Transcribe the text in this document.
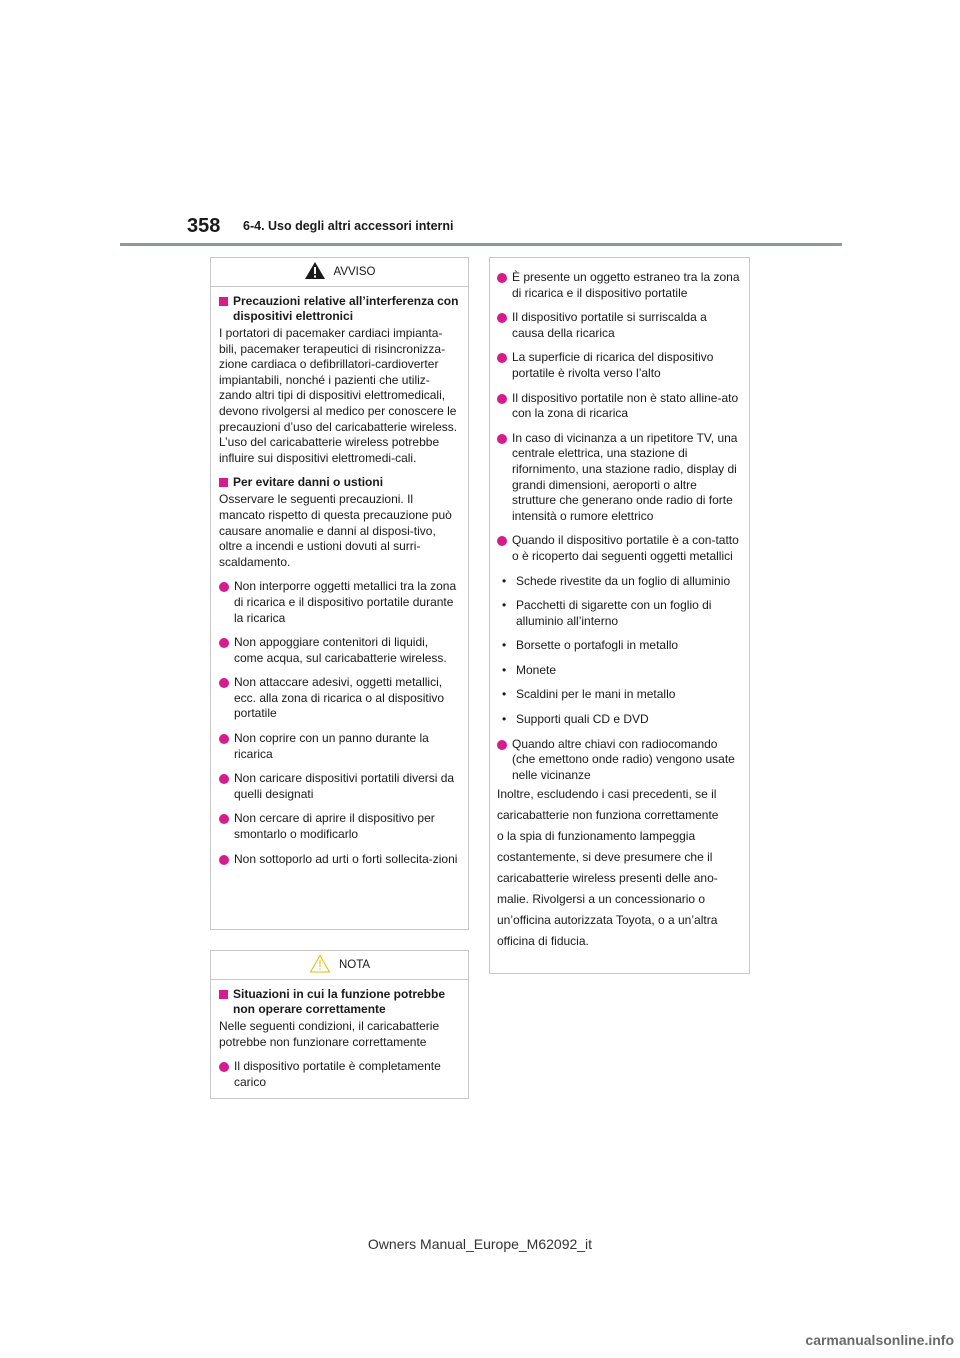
358 6-4. Uso degli altri accessori interni
AVVISO
Precauzioni relative all’interferenza con dispositivi elettronici

I portatori di pacemaker cardiaci impianta-bili, pacemaker terapeutici di risincronizza-zione cardiaca o defibrillatori-cardioverter impiantabili, nonché i pazienti che utiliz-zando altri tipi di dispositivi elettromedicali, devono rivolgersi al medico per conoscere le precauzioni d’uso del caricabatterie wireless. L’uso del caricabatterie wireless potrebbe influire sui dispositivi elettromedi-cali.

Per evitare danni o ustioni

Osservare le seguenti precauzioni. Il mancato rispetto di questa precauzione può causare anomalie e danni al disposi-tivo, oltre a incendi e ustioni dovuti al surri-scaldamento.

Non interporre oggetti metallici tra la zona di ricarica e il dispositivo portatile durante la ricarica
Non appoggiare contenitori di liquidi, come acqua, sul caricabatterie wireless.
Non attaccare adesivi, oggetti metallici, ecc. alla zona di ricarica o al dispositivo portatile
Non coprire con un panno durante la ricarica
Non caricare dispositivi portatili diversi da quelli designati
Non cercare di aprire il dispositivo per smontarlo o modificarlo
Non sottoporlo ad urti o forti sollecita-zioni
NOTA
Situazioni in cui la funzione potrebbe non operare correttamente

Nelle seguenti condizioni, il caricabatterie potrebbe non funzionare correttamente

Il dispositivo portatile è completamente carico
È presente un oggetto estraneo tra la zona di ricarica e il dispositivo portatile
Il dispositivo portatile si surriscalda a causa della ricarica
La superficie di ricarica del dispositivo portatile è rivolta verso l’alto
Il dispositivo portatile non è stato alline-ato con la zona di ricarica
In caso di vicinanza a un ripetitore TV, una centrale elettrica, una stazione di rifornimento, una stazione radio, display di grandi dimensioni, aeroporti o altre strutture che generano onde radio di forte intensità o rumore elettrico
Quando il dispositivo portatile è a con-tatto o è ricoperto dai seguenti oggetti metallici
• Schede rivestite da un foglio di alluminio
• Pacchetti di sigarette con un foglio di alluminio all’interno
• Borsette o portafogli in metallo
• Monete
• Scaldini per le mani in metallo
• Supporti quali CD e DVD
Quando altre chiavi con radiocomando (che emettono onde radio) vengono usate nelle vicinanze
Inoltre, escludendo i casi precedenti, se il
caricabatterie non funziona correttamente
o la spia di funzionamento lampeggia
costantemente, si deve presumere che il
caricabatterie wireless presenti delle ano-
malie. Rivolgersi a un concessionario o
un’officina autorizzata Toyota, o a un’altra
officina di fiducia.
Owners Manual_Europe_M62092_it
carmanualsonline.info
